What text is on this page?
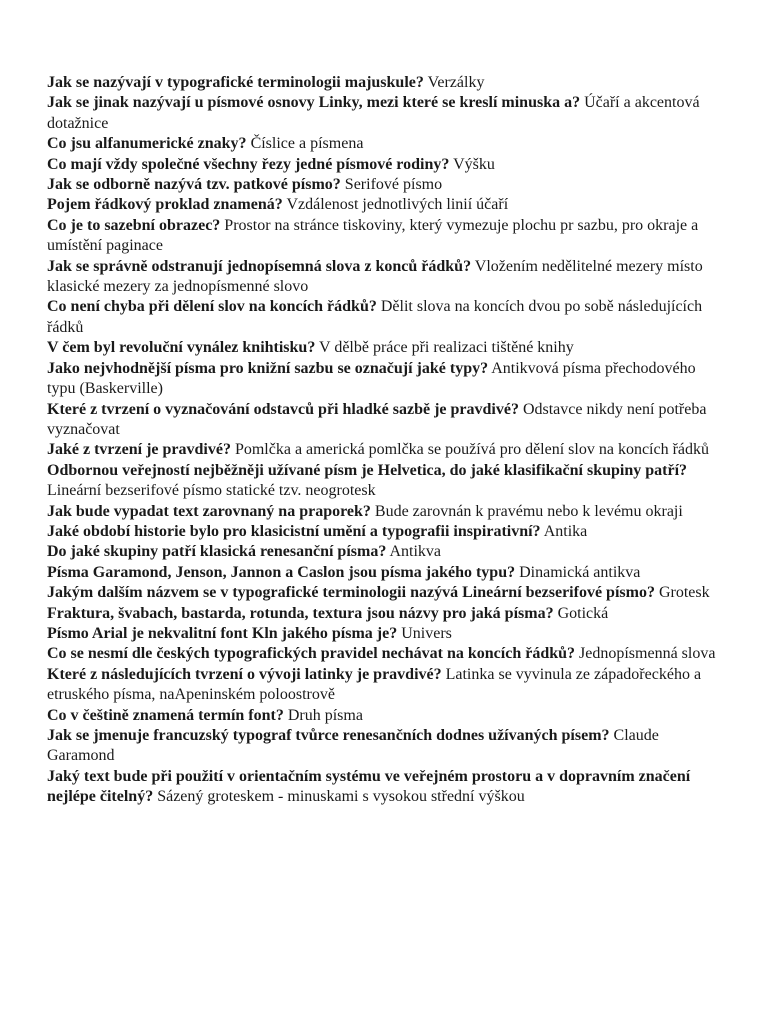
Jak se nazývají v typografické terminologii majuskule? Verzálky

Jak se jinak nazývají u písmové osnovy Linky, mezi které se kreslí minuska a? Účaří a akcentová dotažnice

Co jsu alfanumerické znaky? Číslice a písmena

Co mají vždy společné všechny řezy jedné písmové rodiny? Výšku

Jak se odborně nazývá tzv. patkové písmo? Serifové písmo

Pojem řádkový proklad znamená? Vzdálenost jednotlivých linií účaří

Co je to sazební obrazec? Prostor na stránce tiskoviny, který vymezuje plochu pr sazbu, pro okraje a umístění paginace

Jak se správně odstranují jednopísemná slova z konců řádků? Vložením nedělitelné mezery místo klasické mezery za jednopísmenné slovo

Co není chyba při dělení slov na koncích řádků? Dělit slova na koncích dvou po sobě následujících řádků

V čem byl revoluční vynález knihtisku? V dělbě práce při realizaci tištěné knihy

Jako nejvhodnější písma pro knižní sazbu se označují jaké typy? Antikvová písma přechodového typu (Baskerville)

Které z tvrzení o vyznačování odstavců při hladké sazbě je pravdivé? Odstavce nikdy není potřeba vyznačovat

Jaké z tvrzení je pravdivé? Pomlčka a americká pomlčka se používá pro dělení slov na koncích řádků

Odbornou veřejností nejběžněji užívané písm je Helvetica, do jaké klasifikační skupiny patří? Lineární bezserifové písmo statické tzv. neogrotesk

Jak bude vypadat text zarovnaný na praporek? Bude zarovnán k pravému nebo k levému okraji

Jaké období historie bylo pro klasicistní umění a typografii inspirativní? Antika

Do jaké skupiny patří klasická renesanční písma? Antikva

Písma Garamond, Jenson, Jannon a Caslon jsou písma jakého typu? Dinamická antikva

Jakým dalším názvem se v typografické terminologii nazývá Lineární bezserifové písmo? Grotesk

Fraktura, švabach, bastarda, rotunda, textura jsou názvy pro jaká písma? Gotická

Písmo Arial je nekvalitní font Kln jakého písma je? Univers

Co se nesmí dle českých typografických pravidel nechávat na koncích řádků? Jednopísmenná slova

Které z následujících tvrzení o vývoji latinky je pravdivé? Latinka se vyvinula ze západořeckého a etruského písma, naApeninském poloostrově

Co v češtině znamená termín font? Druh písma

Jak se jmenuje francuzský typograf tvůrce renesančních dodnes užívaných písem? Claude Garamond

Jaký text bude při použití v orientačním systému ve veřejném prostoru a v dopravním značení nejlépe čitelný? Sázený groteskem - minuskami s vysokou střední výškou
